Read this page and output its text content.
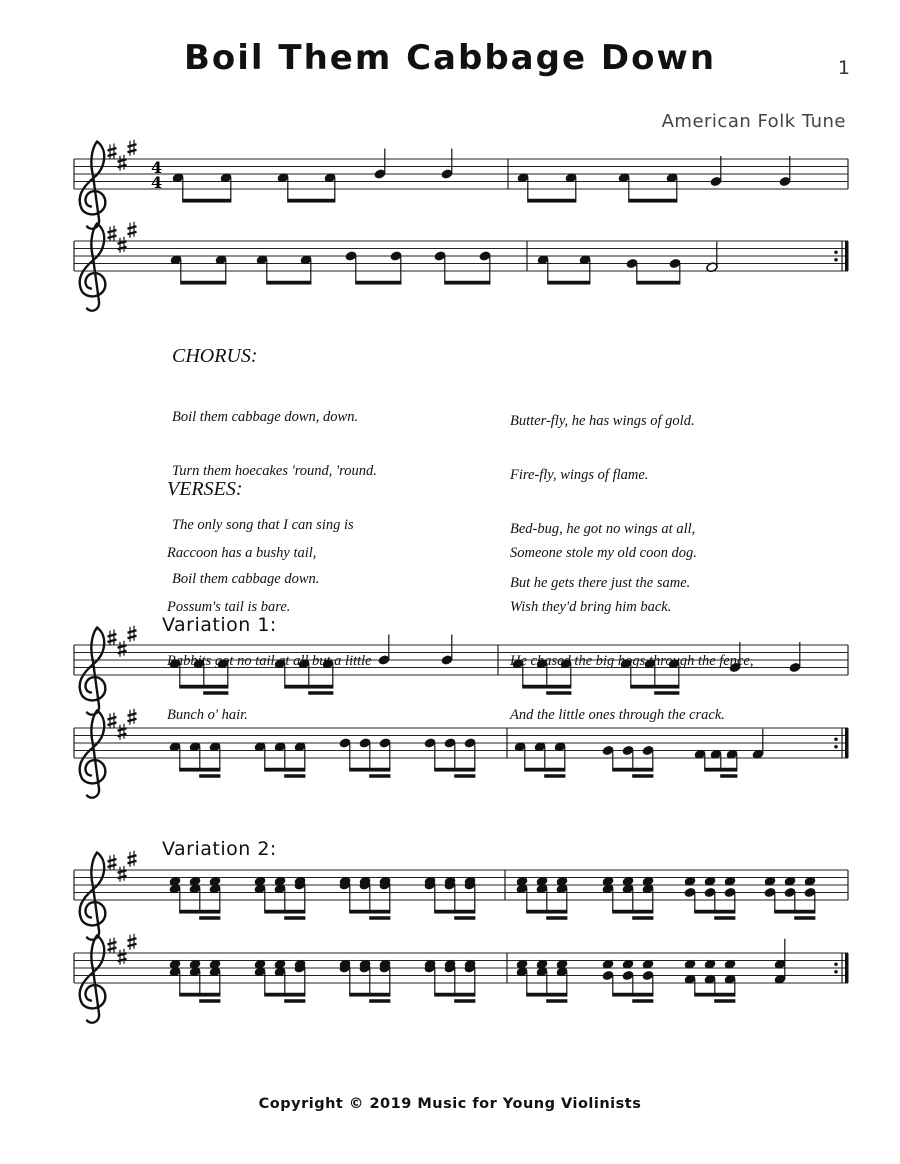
Boil Them Cabbage Down	1
American Folk Tune
4
4
CHORUS:

Boil them cabbage down, down.

Turn them hoecakes 'round, 'round.

The only song that I can sing is

Boil them cabbage down.

Butter-fly, he has wings of gold.

Fire-fly, wings of flame.

Bed-bug, he got no wings at all,

But he gets there just the same.

VERSES:

Raccoon has a bushy tail,

Possum's tail is bare.

Rabbits got no tail at all but a little

Bunch o' hair.

Someone stole my old coon dog.

Wish they'd bring him back.

He chased the big hogs through the fence,

And the little ones through the crack.

Variation 1:
Variation 2:
Copyright © 2019 Music for Young Violinists
